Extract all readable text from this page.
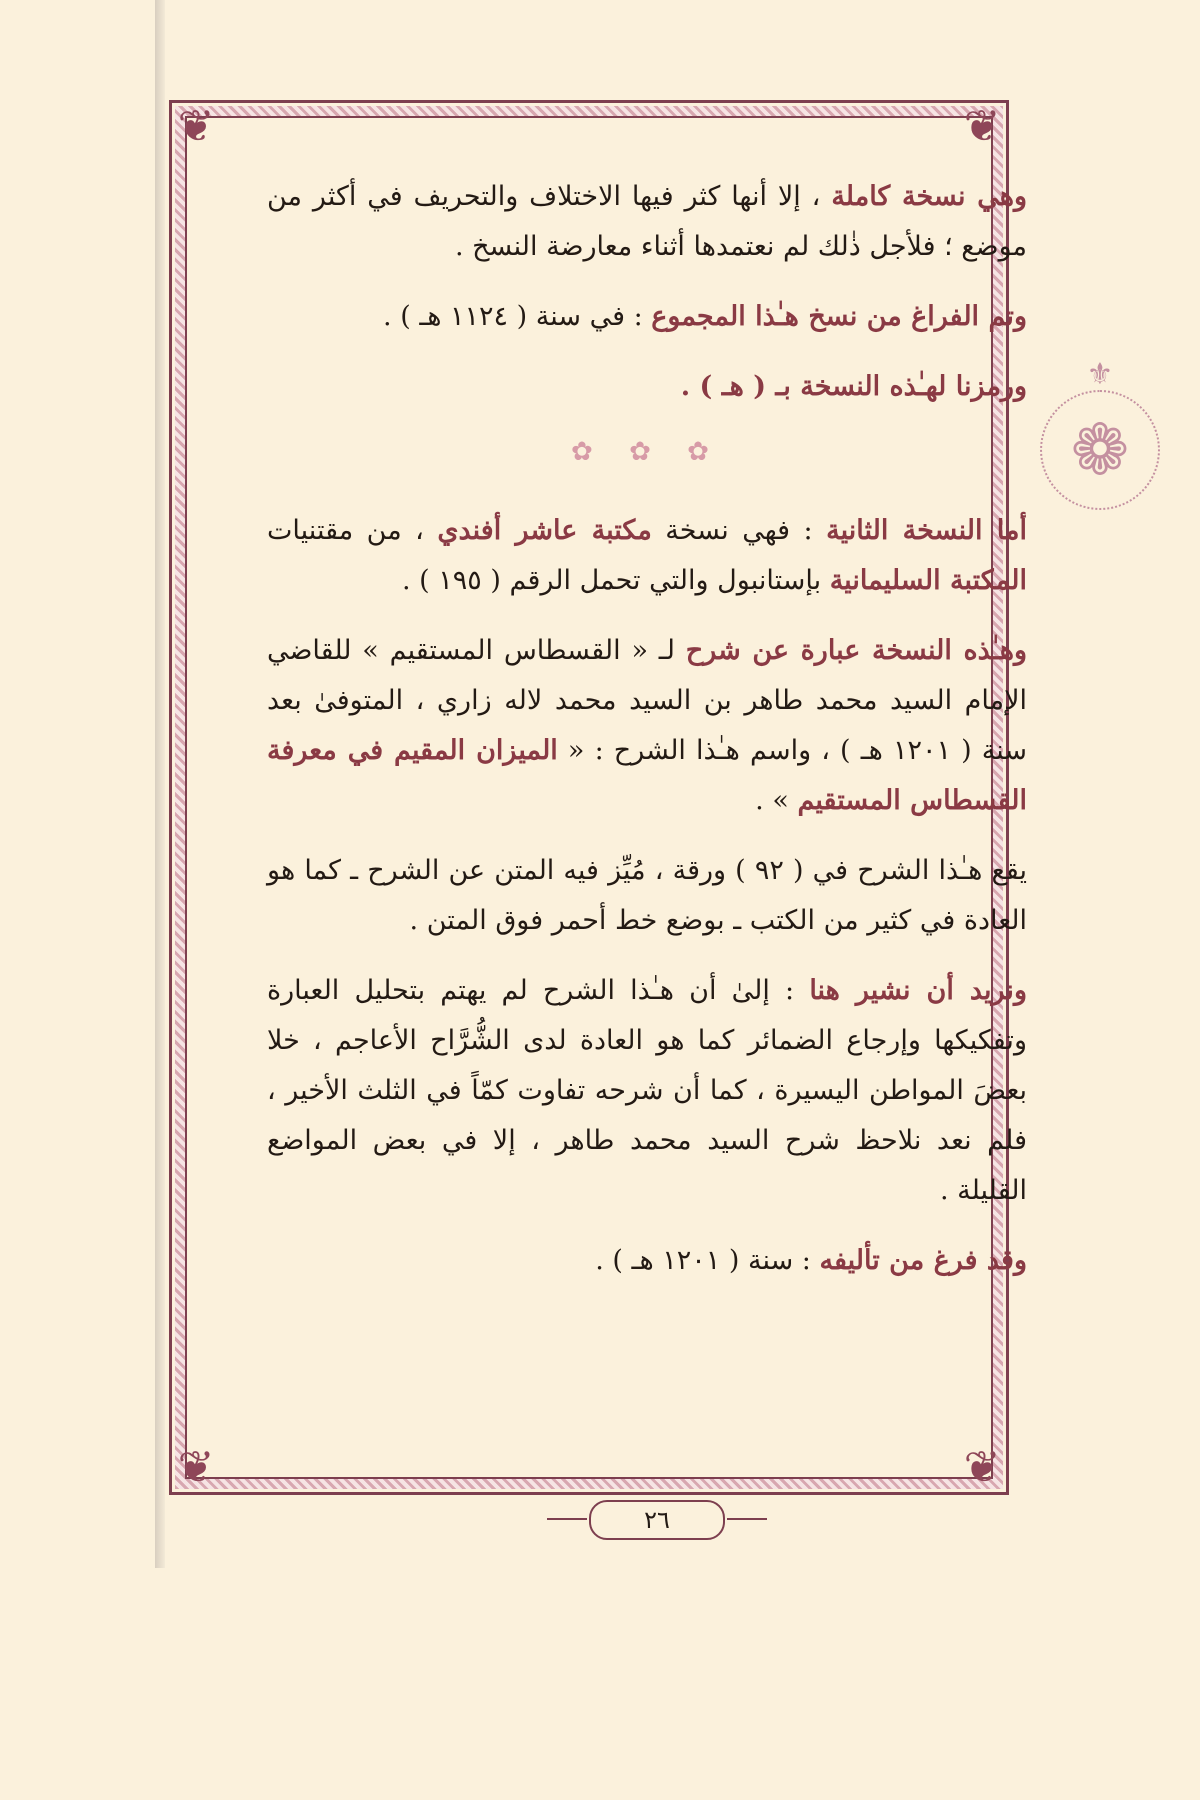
❦	❦
❦	❦
⚜
❁

وهي نسخة كاملة ، إلا أنها كثر فيها الاختلاف والتحريف في أكثر من موضع ؛ فلأجل ذٰلك لم نعتمدها أثناء معارضة النسخ .

وتم الفراغ من نسخ هـٰذا المجموع : في سنة ( ١١٢٤ هـ ) .

ورمزنا لهـٰذه النسخة بـ ( هـ ) .

✿ ✿ ✿

أما النسخة الثانية : فهي نسخة مكتبة عاشر أفندي ، من مقتنيات المكتبة السليمانية بإستانبول والتي تحمل الرقم ( ١٩٥ ) .

وهـٰذه النسخة عبارة عن شرح لـ « القسطاس المستقيم » للقاضي الإمام السيد محمد طاهر بن السيد محمد لاله زاري ، المتوفىٰ بعد سنة ( ١٢٠١ هـ ) ، واسم هـٰذا الشرح : « الميزان المقيم في معرفة القسطاس المستقيم » .

يقع هـٰذا الشرح في ( ٩٢ ) ورقة ، مُيِّز فيه المتن عن الشرح ـ كما هو العادة في كثير من الكتب ـ بوضع خط أحمر فوق المتن .

ونريد أن نشير هنا : إلىٰ أن هـٰذا الشرح لم يهتم بتحليل العبارة وتفكيكها وإرجاع الضمائر كما هو العادة لدى الشُّرَّاح الأعاجم ، خلا بعضَ المواطن اليسيرة ، كما أن شرحه تفاوت كمّاً في الثلث الأخير ، فلم نعد نلاحظ شرح السيد محمد طاهر ، إلا في بعض المواضع القليلة .

وقد فرغ من تأليفه : سنة ( ١٢٠١ هـ ) .

٢٦
